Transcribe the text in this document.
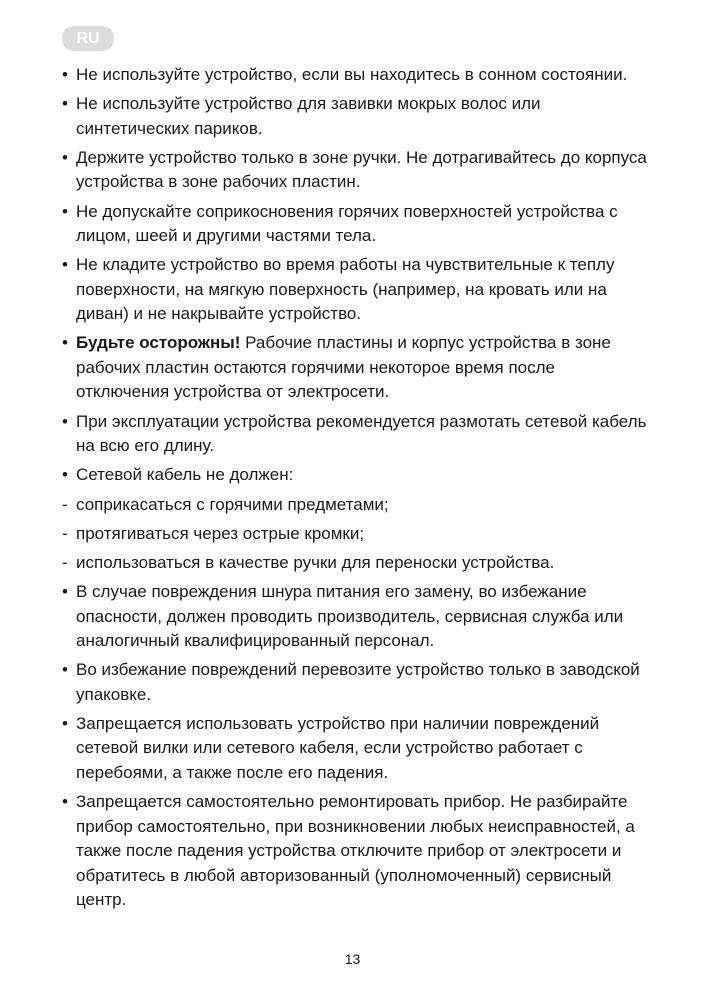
RU
• Не используйте устройство, если вы находитесь в сонном состоянии.
• Не используйте устройство для завивки мокрых волос или синтетических париков.
• Держите устройство только в зоне ручки. Не дотрагивайтесь до корпуса устройства в зоне рабочих пластин.
• Не допускайте соприкосновения горячих поверхностей устройства с лицом, шеей и другими частями тела.
• Не кладите устройство во время работы на чувствительные к теплу поверхности, на мягкую поверхность (например, на кровать или на диван) и не накрывайте устройство.
• Будьте осторожны! Рабочие пластины и корпус устройства в зоне рабочих пластин остаются горячими некоторое время после отключения устройства от электросети.
• При эксплуатации устройства рекомендуется размотать сетевой кабель на всю его длину.
• Сетевой кабель не должен:
- соприкасаться с горячими предметами;
- протягиваться через острые кромки;
- использоваться в качестве ручки для переноски устройства.
• В случае повреждения шнура питания его замену, во избежание опасности, должен проводить производитель, сервисная служба или аналогичный квалифицированный персонал.
• Во избежание повреждений перевозите устройство только в заводской упаковке.
• Запрещается использовать устройство при наличии повреждений сетевой вилки или сетевого кабеля, если устройство работает с перебоями, а также после его падения.
• Запрещается самостоятельно ремонтировать прибор. Не разбирайте прибор самостоятельно, при возникновении любых неисправностей, а также после падения устройства отключите прибор от электросети и обратитесь в любой авторизованный (уполномоченный) сервисный центр.
13
